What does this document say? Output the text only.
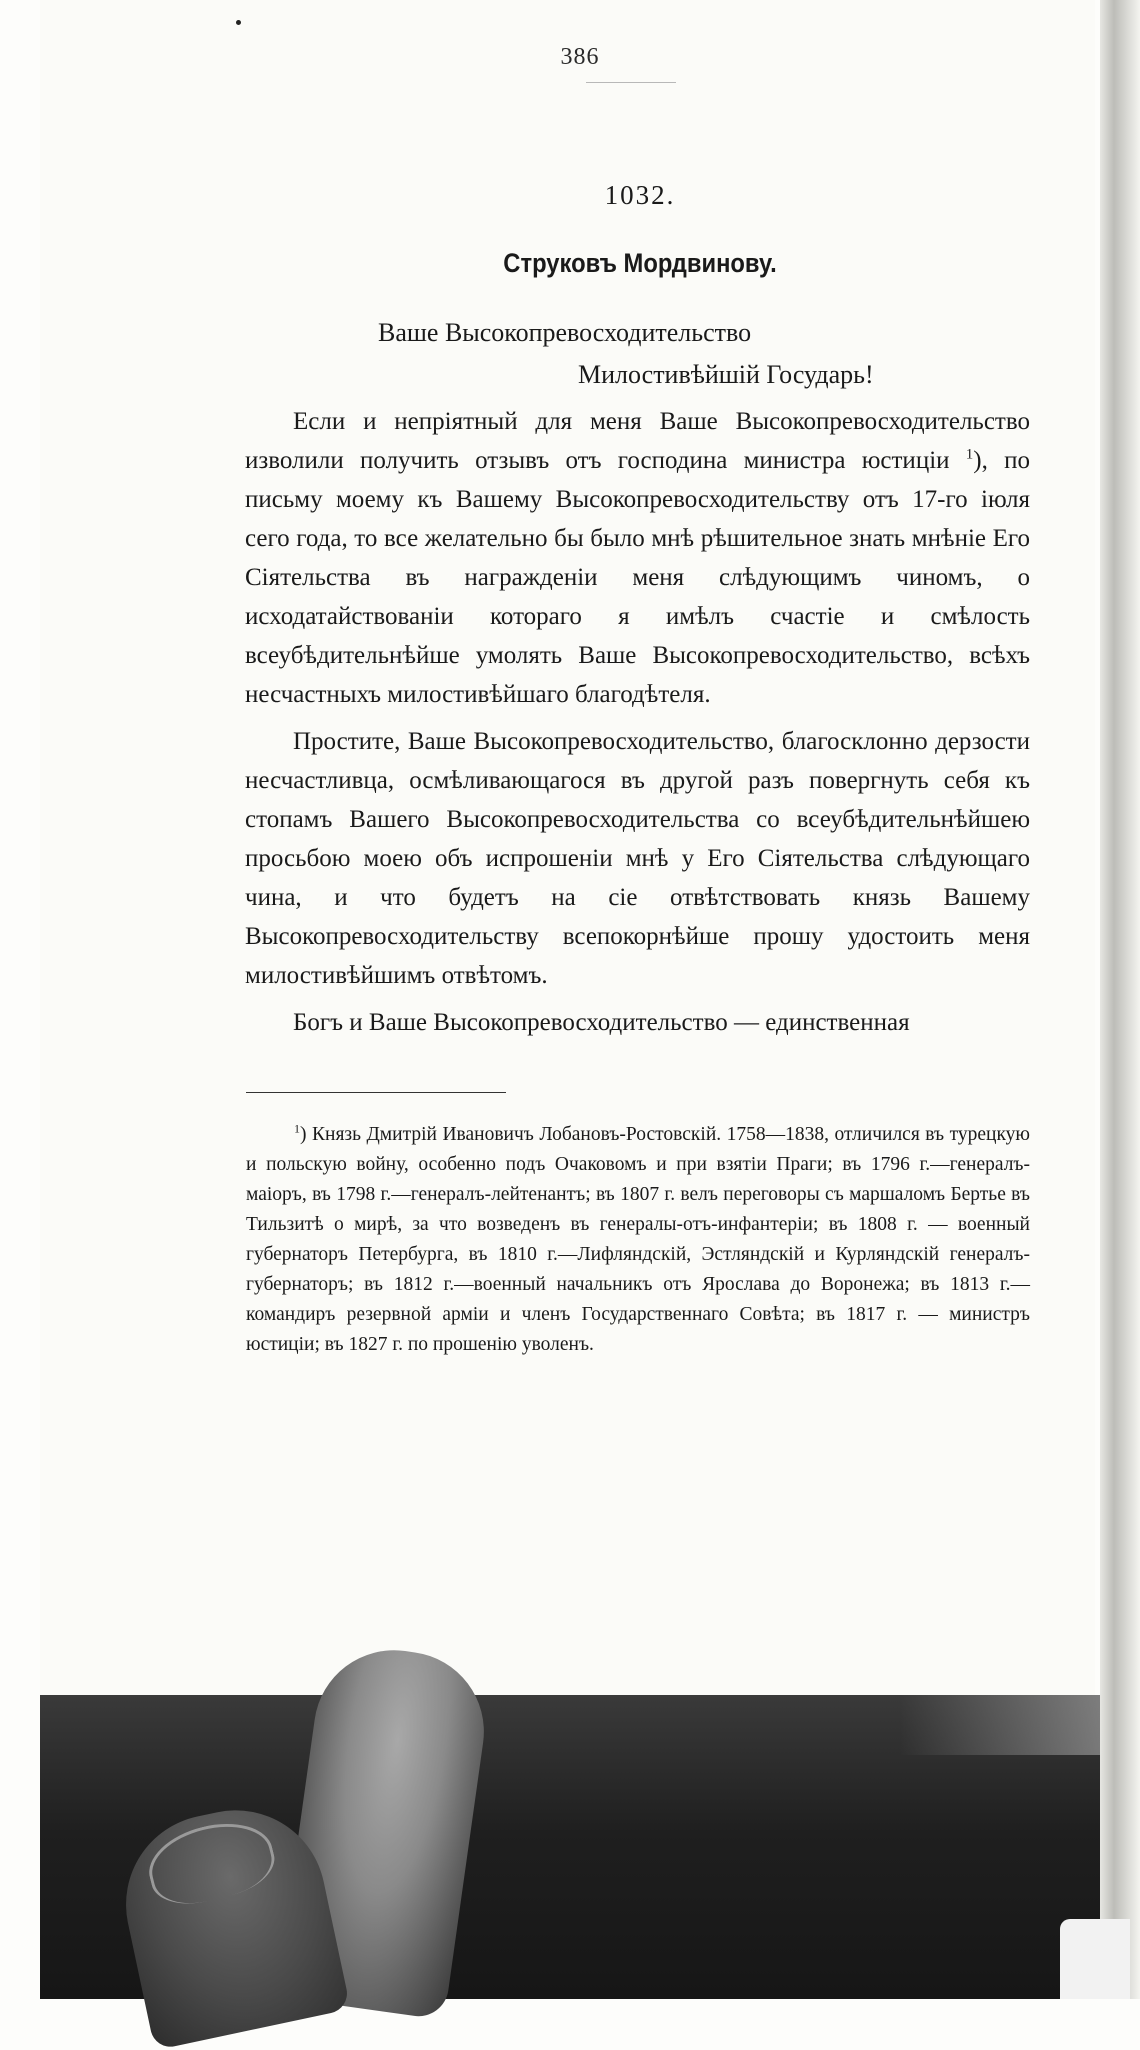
386
1032.
Струковъ Мордвинову.
Ваше Высокопревосходительство
Милостивѣйшій Государь!

Если и непріятный для меня Ваше Высокопревосходительство изволили получить отзывъ отъ господина министра юстиціи $^1$), по письму моему къ Вашему Высокопревосходительству отъ 17-го іюля сего года, то все желательно бы было мнѣ рѣшительное знать мнѣніе Его Сіятельства въ награжденіи меня слѣдующимъ чиномъ, о исходатайствованіи котораго я имѣлъ счастіе и смѣлость всеубѣдительнѣйше умолять Ваше Высокопревосходительство, всѣхъ несчастныхъ милостивѣйшаго благодѣтеля.

Простите, Ваше Высокопревосходительство, благосклонно дерзости несчастливца, осмѣливающагося въ другой разъ повергнуть себя къ стопамъ Вашего Высокопревосходительства со всеубѣдительнѣйшею просьбою моею объ испрошеніи мнѣ у Его Сіятельства слѣдующаго чина, и что будетъ на сіе отвѣтствовать князь Вашему Высокопревосходительству всепокорнѣйше прошу удостоить меня милостивѣйшимъ отвѣтомъ.

Богъ и Ваше Высокопревосходительство — единственная

$^1$) Князь Дмитрій Ивановичъ Лобановъ-Ростовскій. 1758—1838, отличился въ турецкую и польскую войну, особенно подъ Очаковомъ и при взятіи Праги; въ 1796 г.—генералъ-маіоръ, въ 1798 г.—генералъ-лейтенантъ; въ 1807 г. велъ переговоры съ маршаломъ Бертье въ Тильзитѣ о мирѣ, за что возведенъ въ генералы-отъ-инфантеріи; въ 1808 г. — военный губернаторъ Петербурга, въ 1810 г.—Лифляндскій, Эстляндскій и Курляндскій генералъ-губернаторъ; въ 1812 г.—военный начальникъ отъ Ярослава до Воронежа; въ 1813 г.—командиръ резервной арміи и членъ Государственнаго Совѣта; въ 1817 г. — министръ юстиціи; въ 1827 г. по прошенію уволенъ.
